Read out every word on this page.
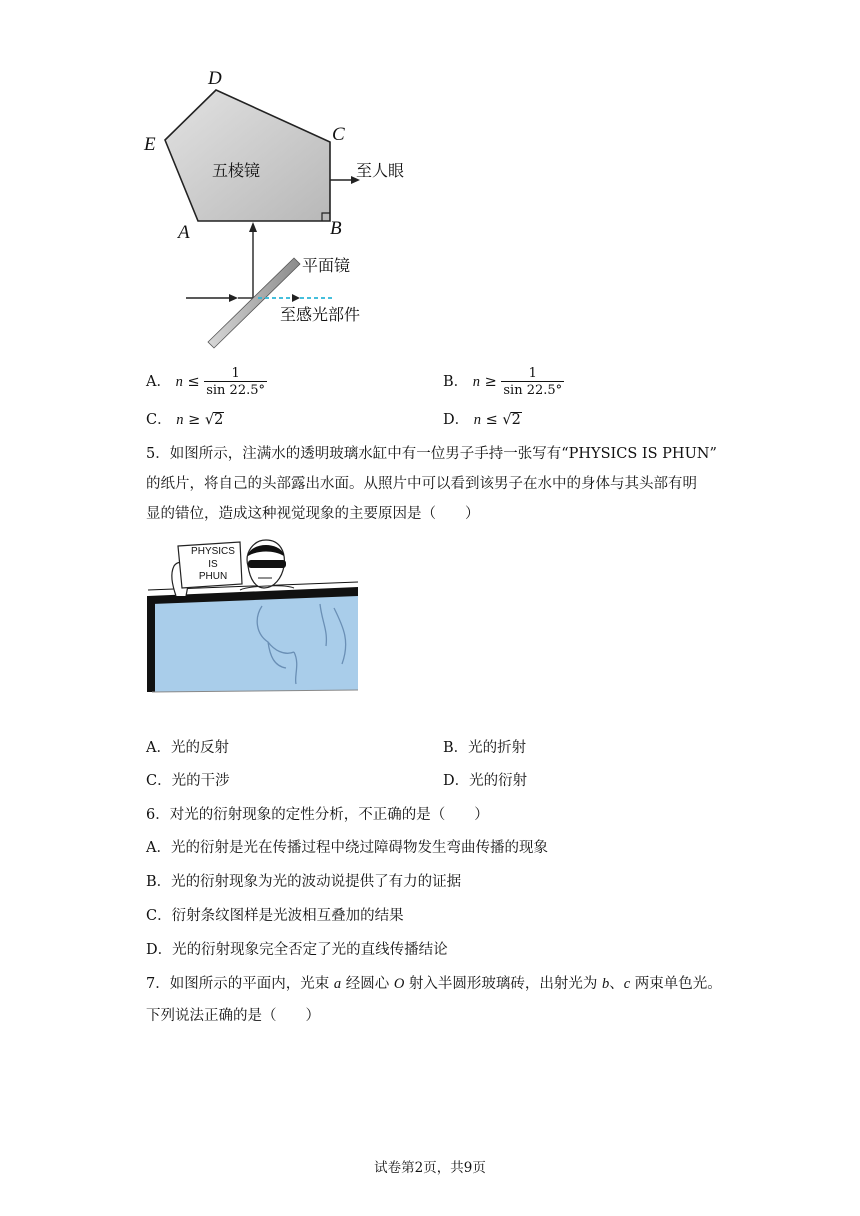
D
E	C
A	B
五棱镜	至人眼
平面镜
至感光部件
A． $n \le \frac{1}{\sin 22.5^\circ}$	B． $n \ge \frac{1}{\sin 22.5^\circ}$
C． n ≥ √2	D． n ≤ √2
5．如图所示，注满水的透明玻璃水缸中有一位男子手持一张写有“PHYSICS IS PHUN”
的纸片，将自己的头部露出水面。从照片中可以看到该男子在水中的身体与其头部有明
显的错位，造成这种视觉现象的主要原因是（　　）
PHYSICS
IS
PHUN
A．光的反射	B．光的折射
C．光的干涉	D．光的衍射
6．对光的衍射现象的定性分析，不正确的是（　　）
A．光的衍射是光在传播过程中绕过障碍物发生弯曲传播的现象
B．光的衍射现象为光的波动说提供了有力的证据
C．衍射条纹图样是光波相互叠加的结果
D．光的衍射现象完全否定了光的直线传播结论
7．如图所示的平面内，光束 a 经圆心 O 射入半圆形玻璃砖，出射光为 b、c 两束单色光。
下列说法正确的是（　　）
试卷第2页，共9页
